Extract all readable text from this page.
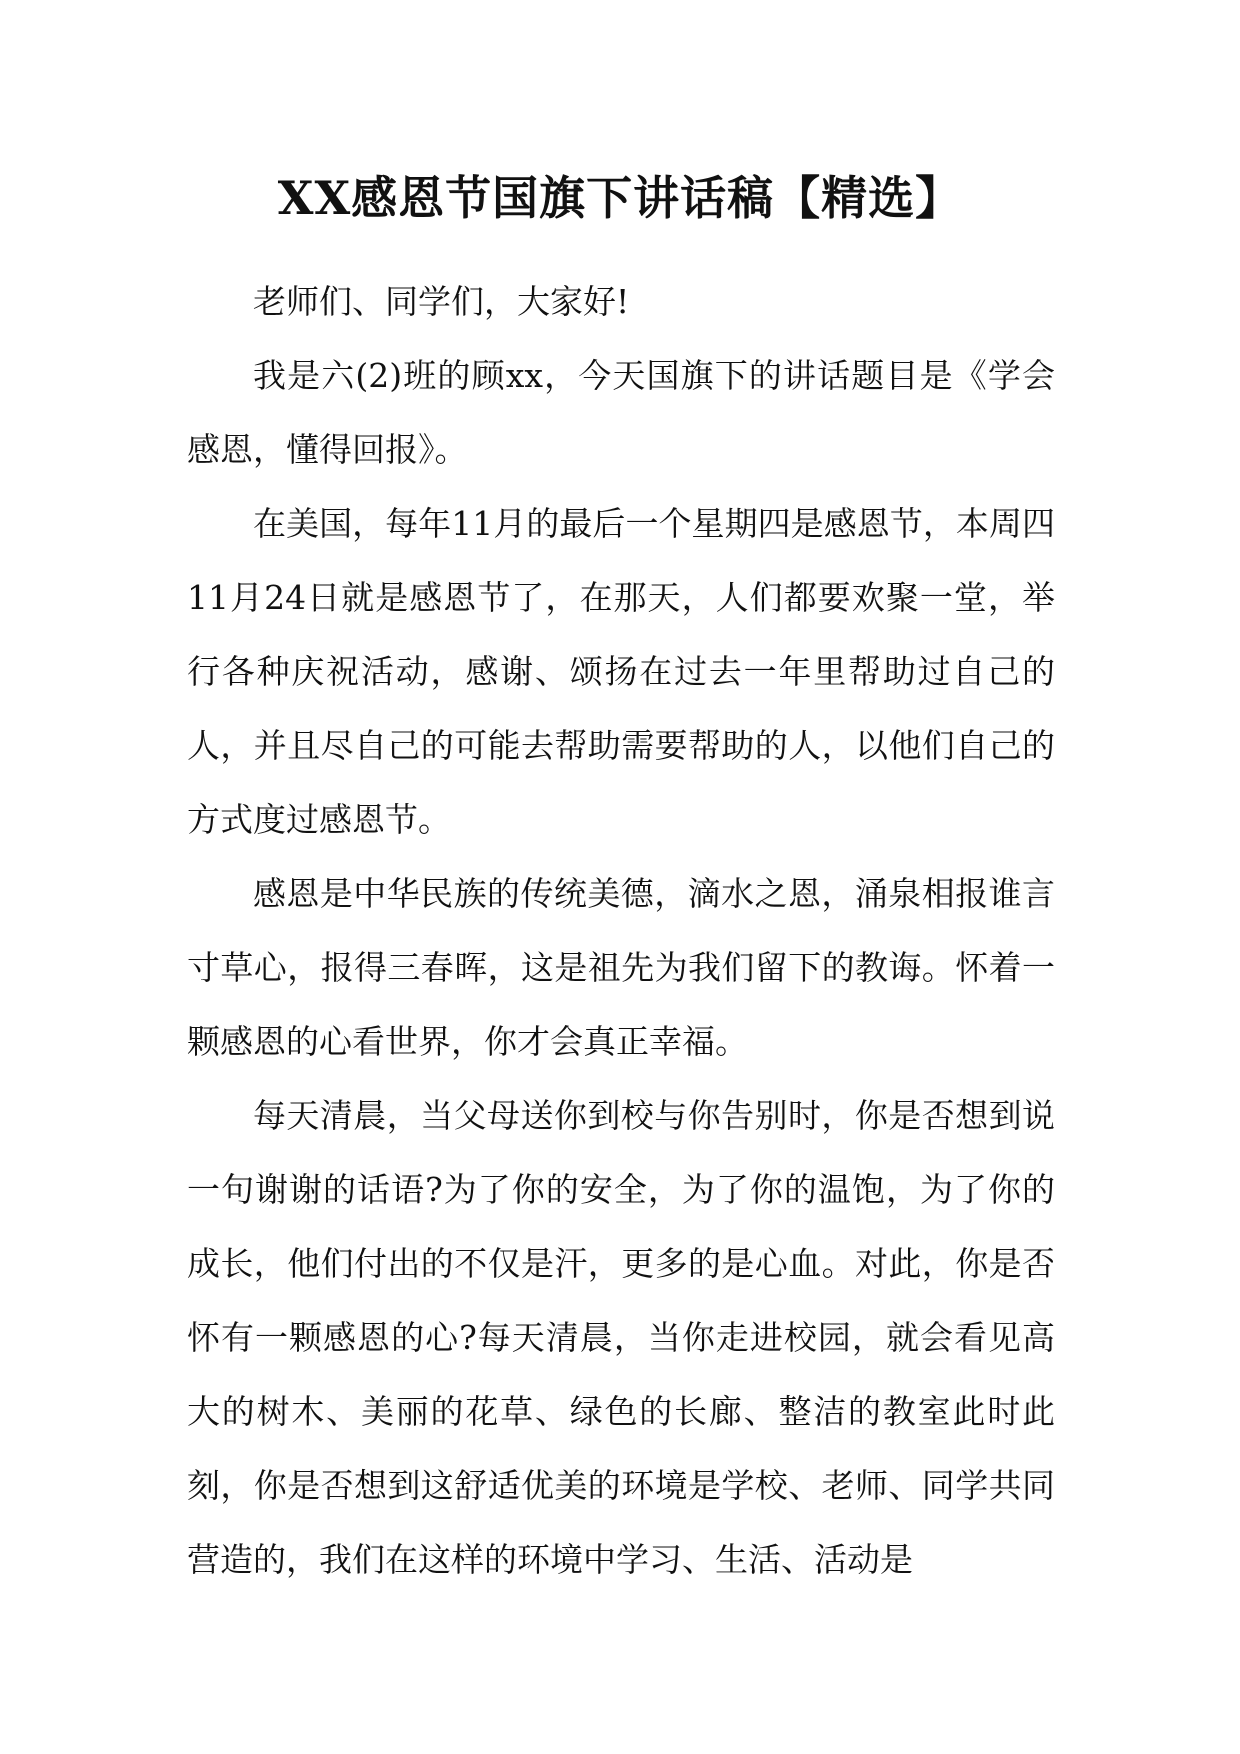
XX感恩节国旗下讲话稿【精选】

老师们、同学们，大家好!

我是六(2)班的顾xx，今天国旗下的讲话题目是《学会感恩，懂得回报》。

在美国，每年11月的最后一个星期四是感恩节，本周四11月24日就是感恩节了，在那天，人们都要欢聚一堂，举行各种庆祝活动，感谢、颂扬在过去一年里帮助过自己的人，并且尽自己的可能去帮助需要帮助的人，以他们自己的方式度过感恩节。

感恩是中华民族的传统美德，滴水之恩，涌泉相报谁言寸草心，报得三春晖，这是祖先为我们留下的教诲。怀着一颗感恩的心看世界，你才会真正幸福。

每天清晨，当父母送你到校与你告别时，你是否想到说一句谢谢的话语?为了你的安全，为了你的温饱，为了你的成长，他们付出的不仅是汗，更多的是心血。对此，你是否怀有一颗感恩的心?每天清晨，当你走进校园，就会看见高大的树木、美丽的花草、绿色的长廊、整洁的教室此时此刻，你是否想到这舒适优美的环境是学校、老师、同学共同营造的，我们在这样的环境中学习、生活、活动是
